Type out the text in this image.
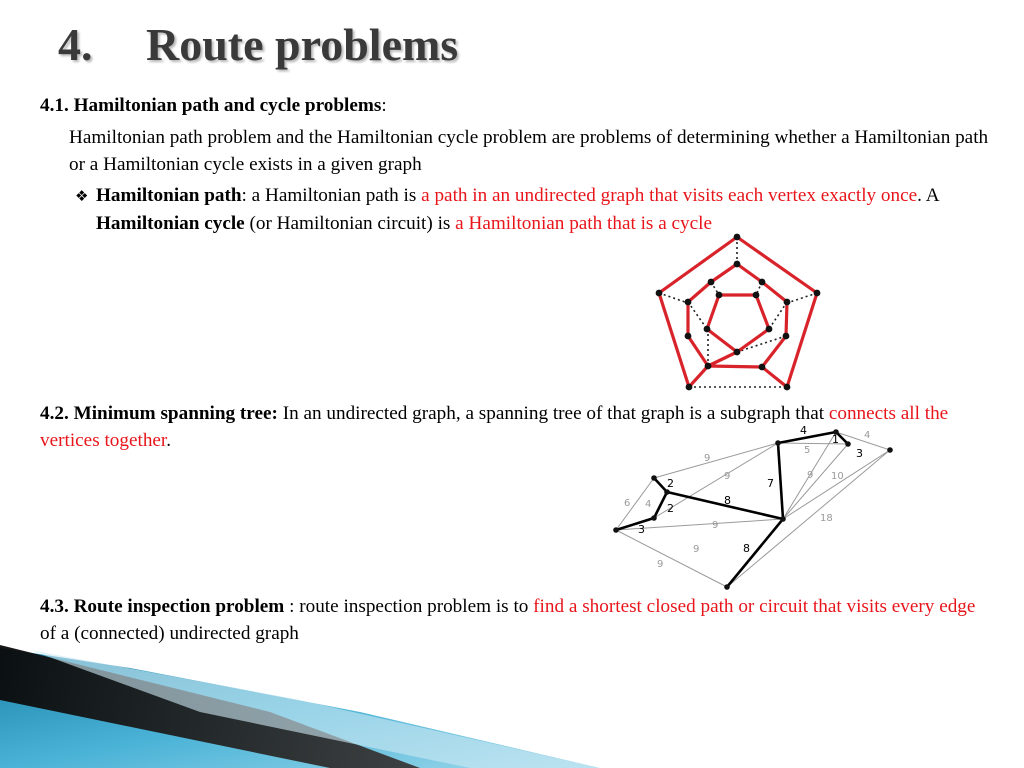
4. Route problems
4.1. Hamiltonian path and cycle problems:
Hamiltonian path problem and the Hamiltonian cycle problem are problems of determining whether a Hamiltonian path or a Hamiltonian cycle exists in a given graph
❖ Hamiltonian path: a Hamiltonian path is a path in an undirected graph that visits each vertex exactly once. A Hamiltonian cycle (or Hamiltonian circuit) is a Hamiltonian path that is a cycle
4.2. Minimum spanning tree: In an undirected graph, a spanning tree of that graph is a subgraph that connects all the vertices together.
4.3. Route inspection problem : route inspection problem is to find a shortest closed path or circuit that visits every edge of a (connected) undirected graph
4
1	4
5	3
9
9
7
9 10
2
6 4	8
2
3	9
18
9	8
9
